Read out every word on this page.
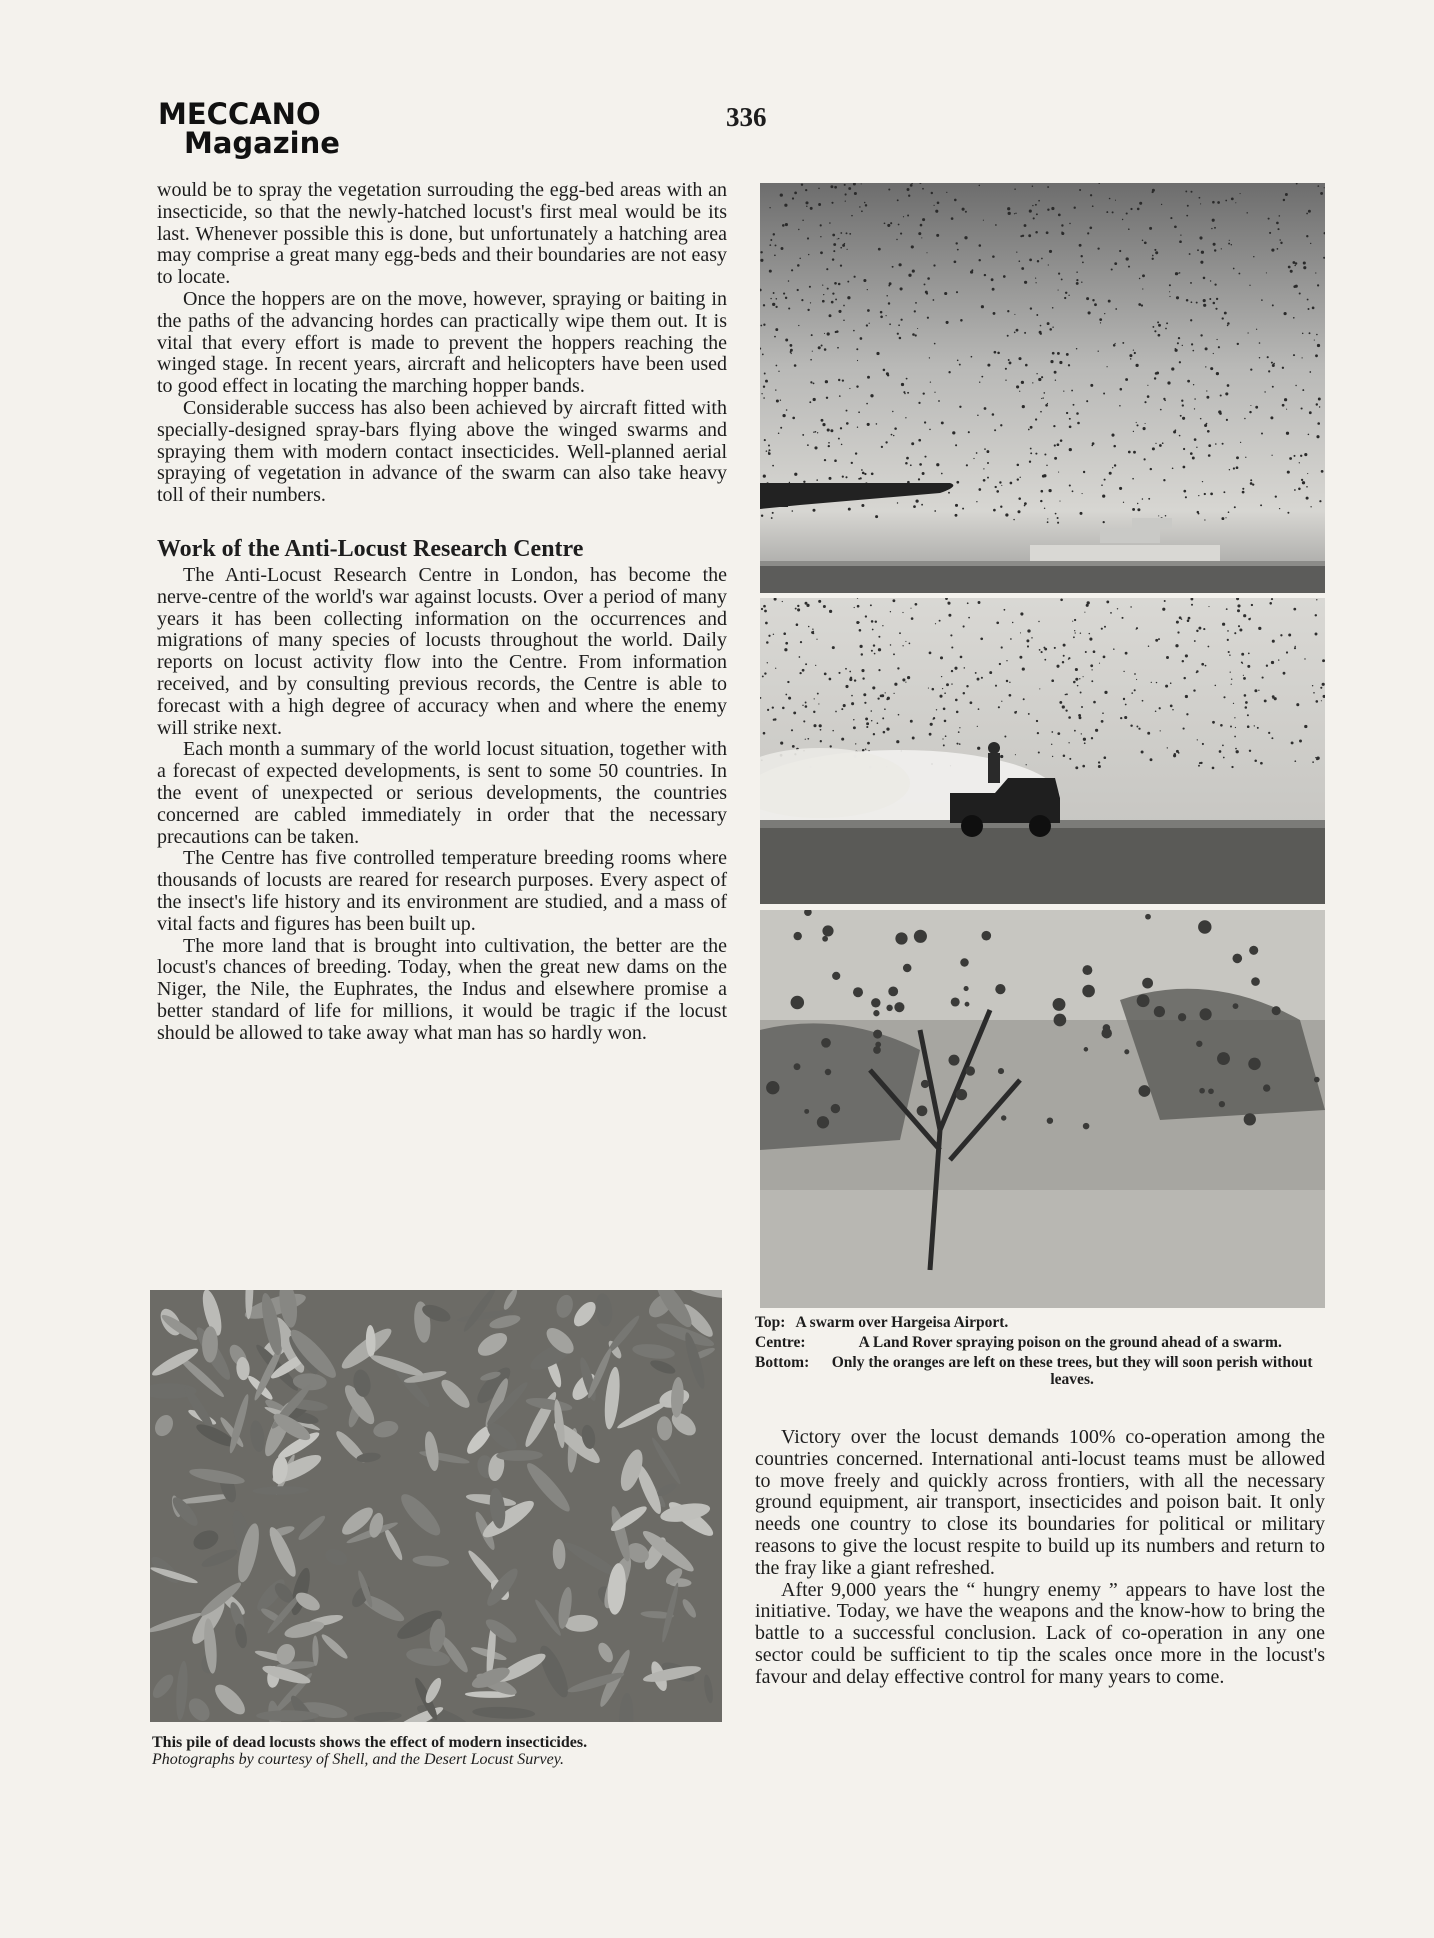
MECCANO
Magazine
336

would be to spray the vegetation surrouding the egg-bed areas with an insecticide, so that the newly-hatched locust's first meal would be its last. Whenever possible this is done, but unfortunately a hatching area may comprise a great many egg-beds and their boundaries are not easy to locate.

Once the hoppers are on the move, however, spraying or baiting in the paths of the advancing hordes can practically wipe them out. It is vital that every effort is made to prevent the hoppers reaching the winged stage. In recent years, aircraft and helicopters have been used to good effect in locating the marching hopper bands.

Considerable success has also been achieved by aircraft fitted with specially-designed spray-bars flying above the winged swarms and spraying them with modern contact insecticides. Well-planned aerial spraying of vegetation in advance of the swarm can also take heavy toll of their numbers.

Work of the Anti-Locust Research Centre

The Anti-Locust Research Centre in London, has become the nerve-centre of the world's war against locusts. Over a period of many years it has been collecting information on the occurrences and migrations of many species of locusts throughout the world. Daily reports on locust activity flow into the Centre. From information received, and by consulting previous records, the Centre is able to forecast with a high degree of accuracy when and where the enemy will strike next.

Each month a summary of the world locust situation, together with a forecast of expected developments, is sent to some 50 countries. In the event of unexpected or serious developments, the countries concerned are cabled immediately in order that the necessary precautions can be taken.

The Centre has five controlled temperature breeding rooms where thousands of locusts are reared for research purposes. Every aspect of the insect's life history and its environment are studied, and a mass of vital facts and figures has been built up.

The more land that is brought into cultivation, the better are the locust's chances of breeding. Today, when the great new dams on the Niger, the Nile, the Euphrates, the Indus and elsewhere promise a better standard of life for millions, it would be tragic if the locust should be allowed to take away what man has so hardly won.

Top: A swarm over Hargeisa Airport.
Centre:	A Land Rover spraying poison on the ground ahead of a swarm.
Bottom:	Only the oranges are left on these trees, but they will soon perish without leaves.
This pile of dead locusts shows the effect of modern insecticides.
Photographs by courtesy of Shell, and the Desert Locust Survey.

Victory over the locust demands 100% co-operation among the countries concerned. International anti-locust teams must be allowed to move freely and quickly across frontiers, with all the necessary ground equipment, air transport, insecticides and poison bait. It only needs one country to close its boundaries for political or military reasons to give the locust respite to build up its numbers and return to the fray like a giant refreshed.

After 9,000 years the “ hungry enemy ” appears to have lost the initiative. Today, we have the weapons and the know-how to bring the battle to a successful conclusion. Lack of co-operation in any one sector could be sufficient to tip the scales once more in the locust's favour and delay effective control for many years to come.
